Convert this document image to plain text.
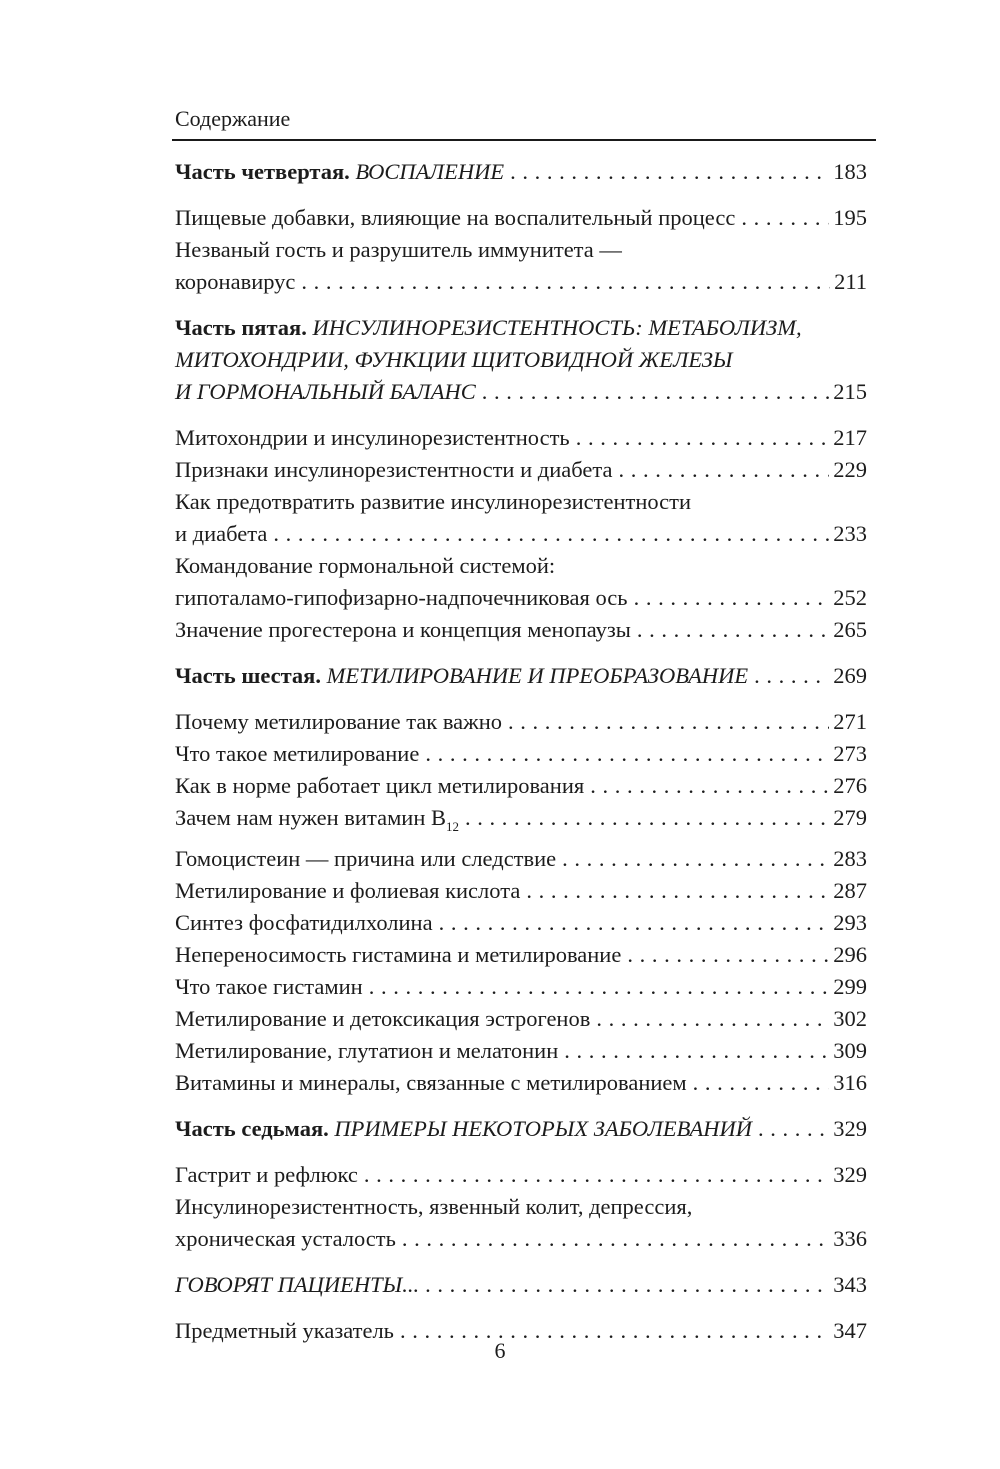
Содержание
Часть четвертая. ВОСПАЛЕНИЕ . . .	183
Пищевые добавки, влияющие на воспалительный процесс . . .	195
Незваный гость и разрушитель иммунитета —
коронавирус . . .	211
Часть пятая. ИНСУЛИНОРЕЗИСТЕНТНОСТЬ: МЕТАБОЛИЗМ,
МИТОХОНДРИИ, ФУНКЦИИ ЩИТОВИДНОЙ ЖЕЛЕЗЫ
И ГОРМОНАЛЬНЫЙ БАЛАНС . . .	215
Митохондрии и инсулинорезистентность . . .	217
Признаки инсулинорезистентности и диабета . . .	229
Как предотвратить развитие инсулинорезистентности
и диабета . . .	233
Командование гормональной системой:
гипоталамо-гипофизарно-надпочечниковая ось . . .	252
Значение прогестерона и концепция менопаузы . . .	265
Часть шестая. МЕТИЛИРОВАНИЕ И ПРЕОБРАЗОВАНИЕ . . .	269
Почему метилирование так важно . . .	271
Что такое метилирование . . .	273
Как в норме работает цикл метилирования . . .	276
Зачем нам нужен витамин $B_{12}$ . . .	279
Гомоцистеин — причина или следствие . . .	283
Метилирование и фолиевая кислота . . .	287
Синтез фосфатидилхолина . . .	293
Непереносимость гистамина и метилирование . . .	296
Что такое гистамин . . .	299
Метилирование и детоксикация эстрогенов . . .	302
Метилирование, глутатион и мелатонин . . .	309
Витамины и минералы, связанные с метилированием . . .	316
Часть седьмая. ПРИМЕРЫ НЕКОТОРЫХ ЗАБОЛЕВАНИЙ . . .	329
Гастрит и рефлюкс . . .	329
Инсулинорезистентность, язвенный колит, депрессия,
хроническая усталость . . .	336
ГОВОРЯТ ПАЦИЕНТЫ... . . .	343
Предметный указатель . . .	347
6
